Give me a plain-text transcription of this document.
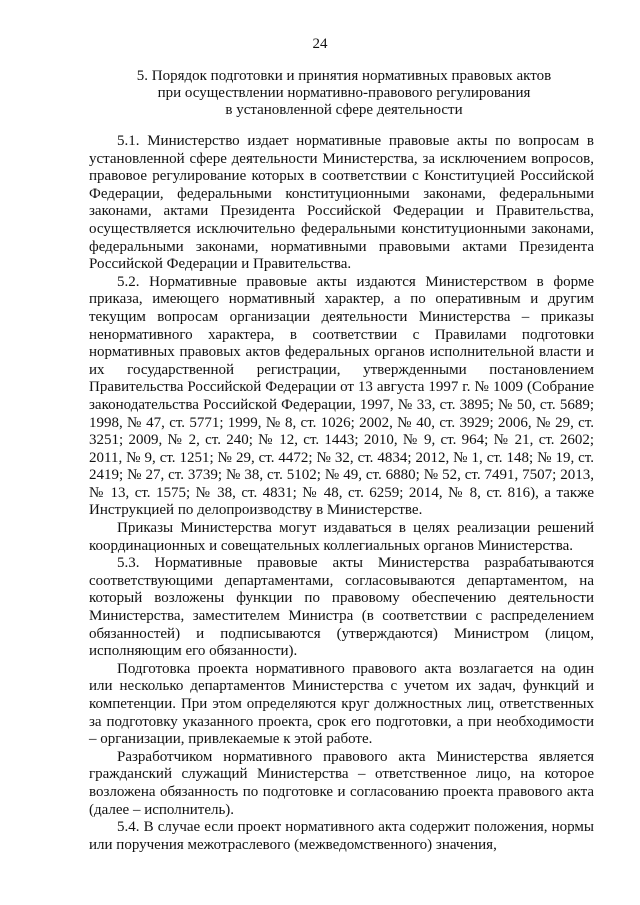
24
5. Порядок подготовки и принятия нормативных правовых актов
при осуществлении нормативно-правового регулирования
в установленной сфере деятельности

5.1. Министерство издает нормативные правовые акты по вопросам в установленной сфере деятельности Министерства, за исключением вопросов, правовое регулирование которых в соответствии с Конституцией Российской Федерации, федеральными конституционными законами, федеральными законами, актами Президента Российской Федерации и Правительства, осуществляется исключительно федеральными конституционными законами, федеральными законами, нормативными правовыми актами Президента Российской Федерации и Правительства.

5.2. Нормативные правовые акты издаются Министерством в форме приказа, имеющего нормативный характер, а по оперативным и другим текущим вопросам организации деятельности Министерства – приказы ненормативного характера, в соответствии с Правилами подготовки нормативных правовых актов федеральных органов исполнительной власти и их государственной регистрации, утвержденными постановлением Правительства Российской Федерации от 13 августа 1997 г. № 1009 (Собрание законодательства Российской Федерации, 1997, № 33, ст. 3895; № 50, ст. 5689; 1998, № 47, ст. 5771; 1999, № 8, ст. 1026; 2002, № 40, ст. 3929; 2006, № 29, ст. 3251; 2009, № 2, ст. 240; № 12, ст. 1443; 2010, № 9, ст. 964; № 21, ст. 2602; 2011, № 9, ст. 1251; № 29, ст. 4472; № 32, ст. 4834; 2012, № 1, ст. 148; № 19, ст. 2419; № 27, ст. 3739; № 38, ст. 5102; № 49, ст. 6880; № 52, ст. 7491, 7507; 2013, № 13, ст. 1575; № 38, ст. 4831; № 48, ст. 6259; 2014, № 8, ст. 816), а также Инструкцией по делопроизводству в Министерстве.

Приказы Министерства могут издаваться в целях реализации решений координационных и совещательных коллегиальных органов Министерства.

5.3. Нормативные правовые акты Министерства разрабатываются соответствующими департаментами, согласовываются департаментом, на который возложены функции по правовому обеспечению деятельности Министерства, заместителем Министра (в соответствии с распределением обязанностей) и подписываются (утверждаются) Министром (лицом, исполняющим его обязанности).

Подготовка проекта нормативного правового акта возлагается на один или несколько департаментов Министерства с учетом их задач, функций и компетенции. При этом определяются круг должностных лиц, ответственных за подготовку указанного проекта, срок его подготовки, а при необходимости – организации, привлекаемые к этой работе.

Разработчиком нормативного правового акта Министерства является гражданский служащий Министерства – ответственное лицо, на которое возложена обязанность по подготовке и согласованию проекта правового акта (далее – исполнитель).

5.4. В случае если проект нормативного акта содержит положения, нормы или поручения межотраслевого (межведомственного) значения,
